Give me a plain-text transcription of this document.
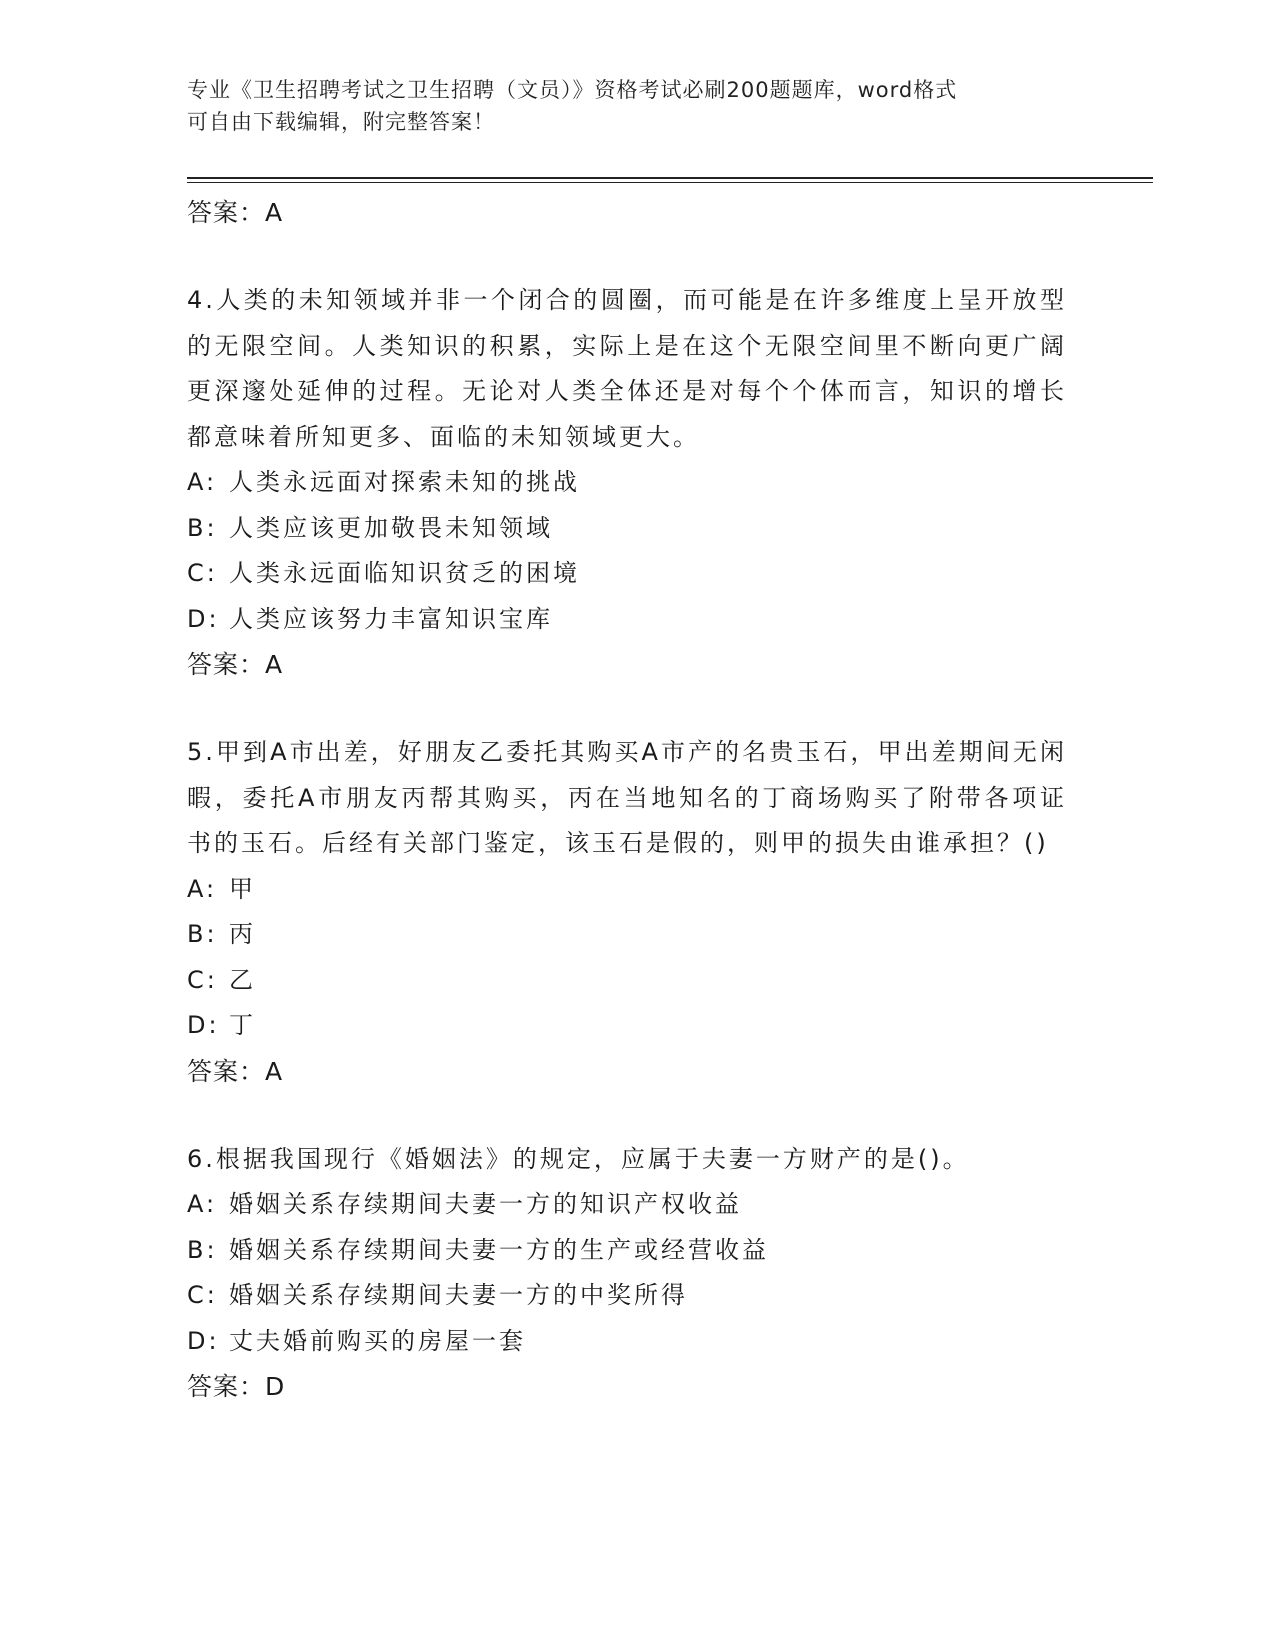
专业《卫生招聘考试之卫生招聘（文员）》资格考试必刷200题题库，word格式
可自由下载编辑，附完整答案！
答案：A
4.人类的未知领域并非一个闭合的圆圈，而可能是在许多维度上呈开放型的无限空间。人类知识的积累，实际上是在这个无限空间里不断向更广阔更深邃处延伸的过程。无论对人类全体还是对每个个体而言，知识的增长都意味着所知更多、面临的未知领域更大。
A: 人类永远面对探索未知的挑战
B: 人类应该更加敬畏未知领域
C: 人类永远面临知识贫乏的困境
D: 人类应该努力丰富知识宝库
答案：A
5.甲到A市出差，好朋友乙委托其购买A市产的名贵玉石，甲出差期间无闲暇，委托A市朋友丙帮其购买，丙在当地知名的丁商场购买了附带各项证书的玉石。后经有关部门鉴定，该玉石是假的，则甲的损失由谁承担？()
A: 甲
B: 丙
C: 乙
D: 丁
答案：A
6.根据我国现行《婚姻法》的规定，应属于夫妻一方财产的是()。
A: 婚姻关系存续期间夫妻一方的知识产权收益
B: 婚姻关系存续期间夫妻一方的生产或经营收益
C: 婚姻关系存续期间夫妻一方的中奖所得
D: 丈夫婚前购买的房屋一套
答案：D
